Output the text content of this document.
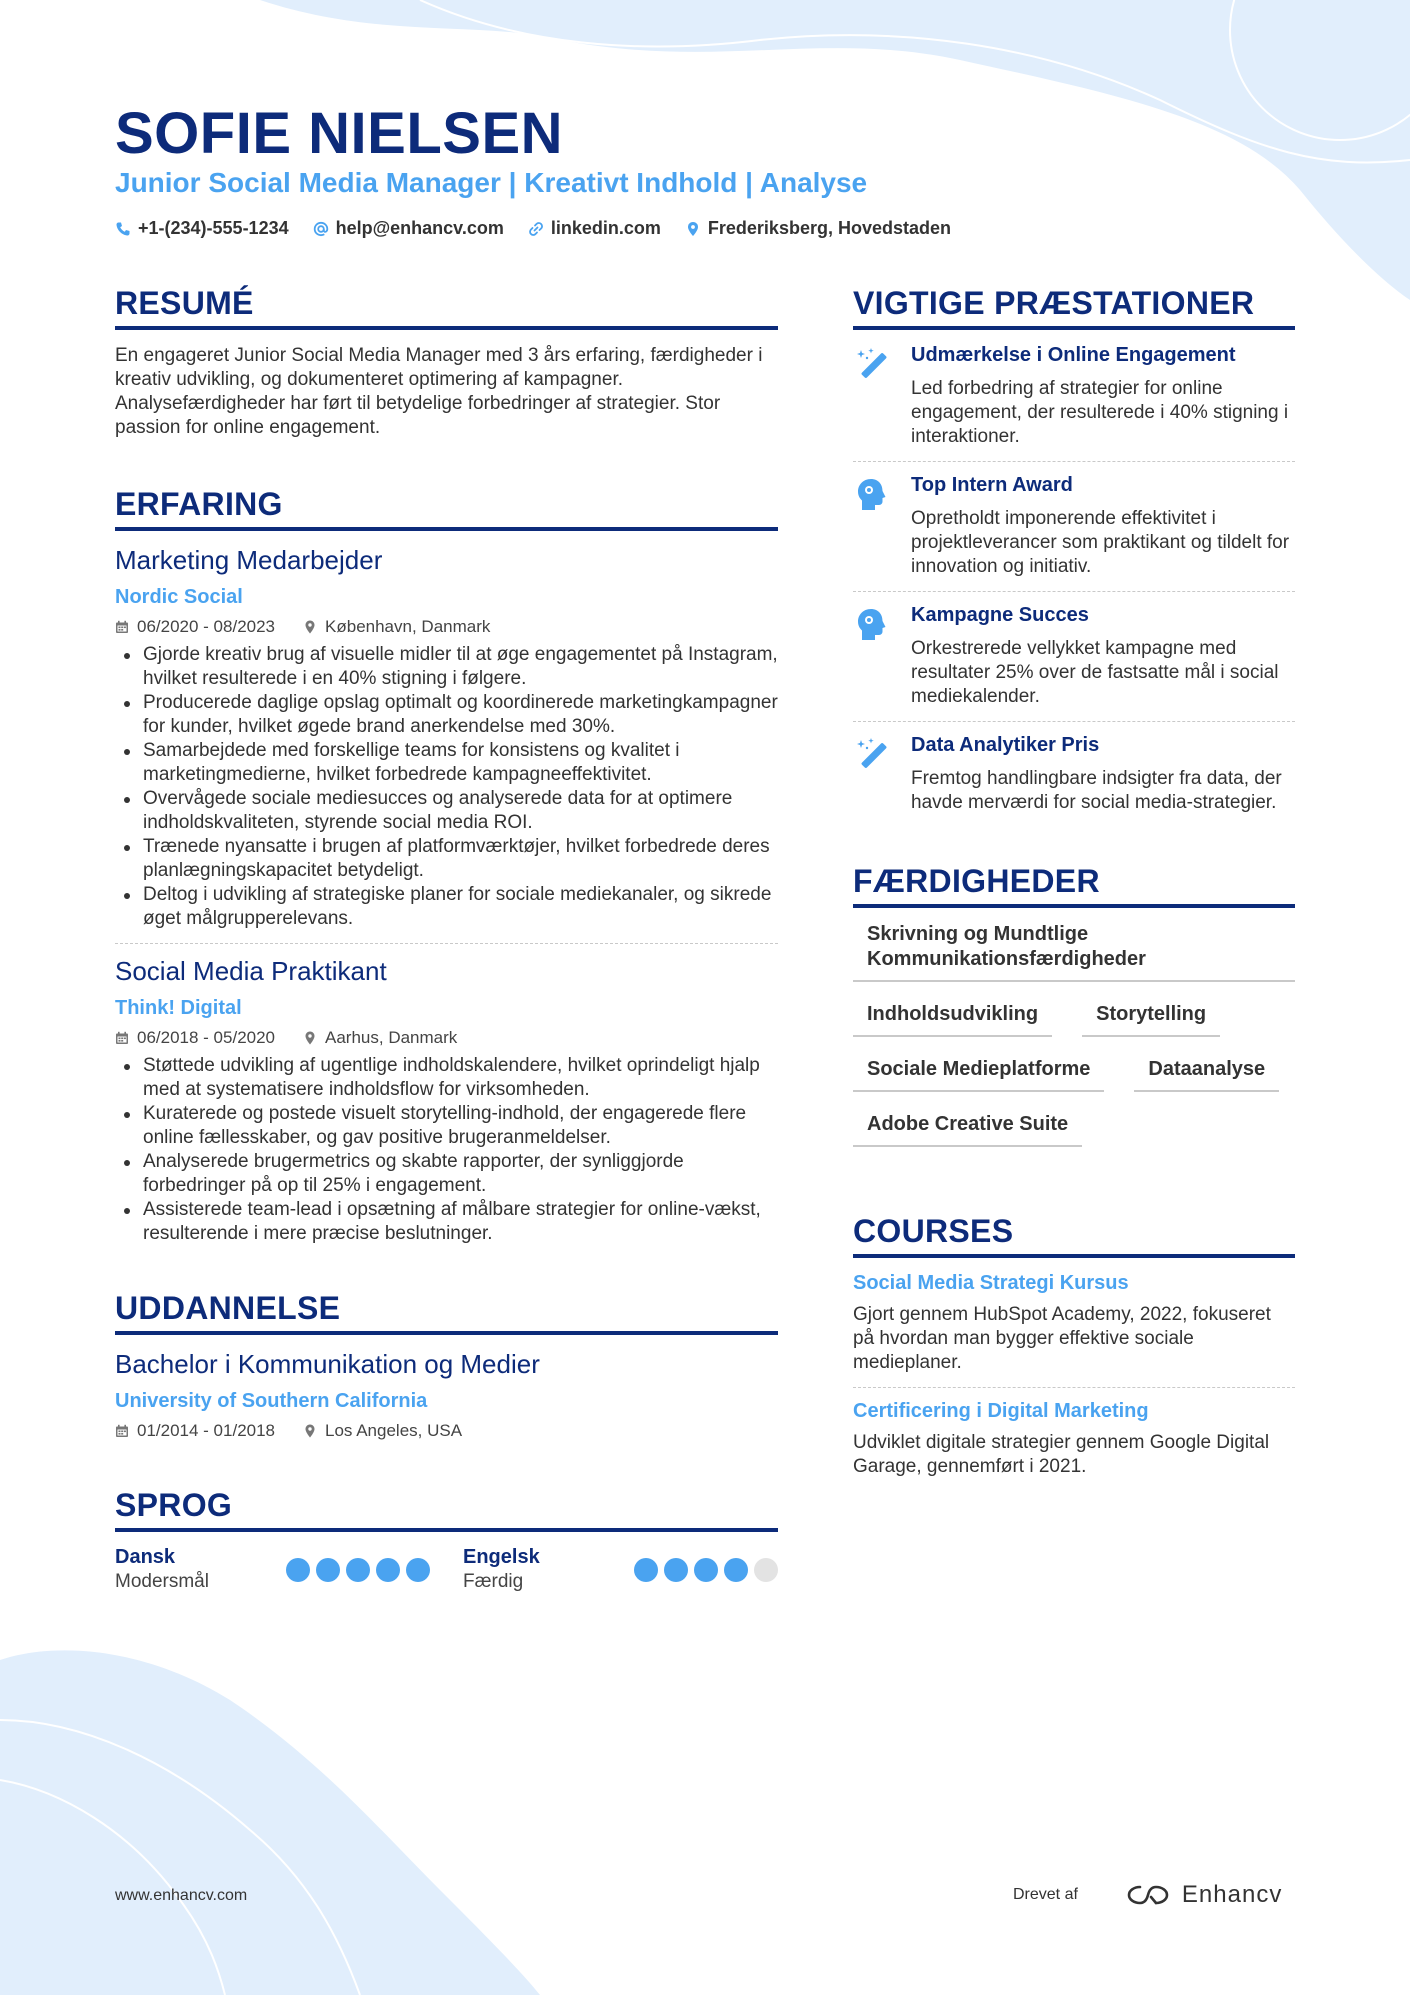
SOFIE NIELSEN
Junior Social Media Manager | Kreativt Indhold | Analyse
+1-(234)-555-1234	help@enhancv.com	linkedin.com	Frederiksberg, Hovedstaden
RESUMÉ

En engageret Junior Social Media Manager med 3 års erfaring, færdigheder i kreativ udvikling, og dokumenteret optimering af kampagner. Analysefærdigheder har ført til betydelige forbedringer af strategier. Stor passion for online engagement.

ERFARING
Marketing Medarbejder
Nordic Social
06/2020 - 08/2023	København, Danmark
Gjorde kreativ brug af visuelle midler til at øge engagementet på Instagram, hvilket resulterede i en 40% stigning i følgere.
Producerede daglige opslag optimalt og koordinerede marketingkampagner for kunder, hvilket øgede brand anerkendelse med 30%.
Samarbejdede med forskellige teams for konsistens og kvalitet i marketingmedierne, hvilket forbedrede kampagneeffektivitet.
Overvågede sociale mediesucces og analyserede data for at optimere indholdskvaliteten, styrende social media ROI.
Trænede nyansatte i brugen af platformværktøjer, hvilket forbedrede deres planlægningskapacitet betydeligt.
Deltog i udvikling af strategiske planer for sociale mediekanaler, og sikrede øget målgrupperelevans.
Social Media Praktikant
Think! Digital
06/2018 - 05/2020	Aarhus, Danmark
Støttede udvikling af ugentlige indholdskalendere, hvilket oprindeligt hjalp med at systematisere indholdsflow for virksomheden.
Kuraterede og postede visuelt storytelling-indhold, der engagerede flere online fællesskaber, og gav positive brugeranmeldelser.
Analyserede brugermetrics og skabte rapporter, der synliggjorde forbedringer på op til 25% i engagement.
Assisterede team-lead i opsætning af målbare strategier for online-vækst, resulterende i mere præcise beslutninger.
UDDANNELSE
Bachelor i Kommunikation og Medier
University of Southern California
01/2014 - 01/2018	Los Angeles, USA
SPROG
Dansk
Modersmål
Engelsk
Færdig
VIGTIGE PRÆSTATIONER
Udmærkelse i Online Engagement
Led forbedring af strategier for online engagement, der resulterede i 40% stigning i interaktioner.
Top Intern Award
Opretholdt imponerende effektivitet i projektleverancer som praktikant og tildelt for innovation og initiativ.
Kampagne Succes
Orkestrerede vellykket kampagne med resultater 25% over de fastsatte mål i social mediekalender.
Data Analytiker Pris
Fremtog handlingbare indsigter fra data, der havde merværdi for social media-strategier.
FÆRDIGHEDER
Skrivning og Mundtlige Kommunikationsfærdigheder
Indholdsudvikling	Storytelling
Sociale Medieplatforme	Dataanalyse
Adobe Creative Suite
COURSES
Social Media Strategi Kursus
Gjort gennem HubSpot Academy, 2022, fokuseret på hvordan man bygger effektive sociale medieplaner.
Certificering i Digital Marketing
Udviklet digitale strategier gennem Google Digital Garage, gennemført i 2021.
www.enhancv.com	Drevet af	Enhancv
